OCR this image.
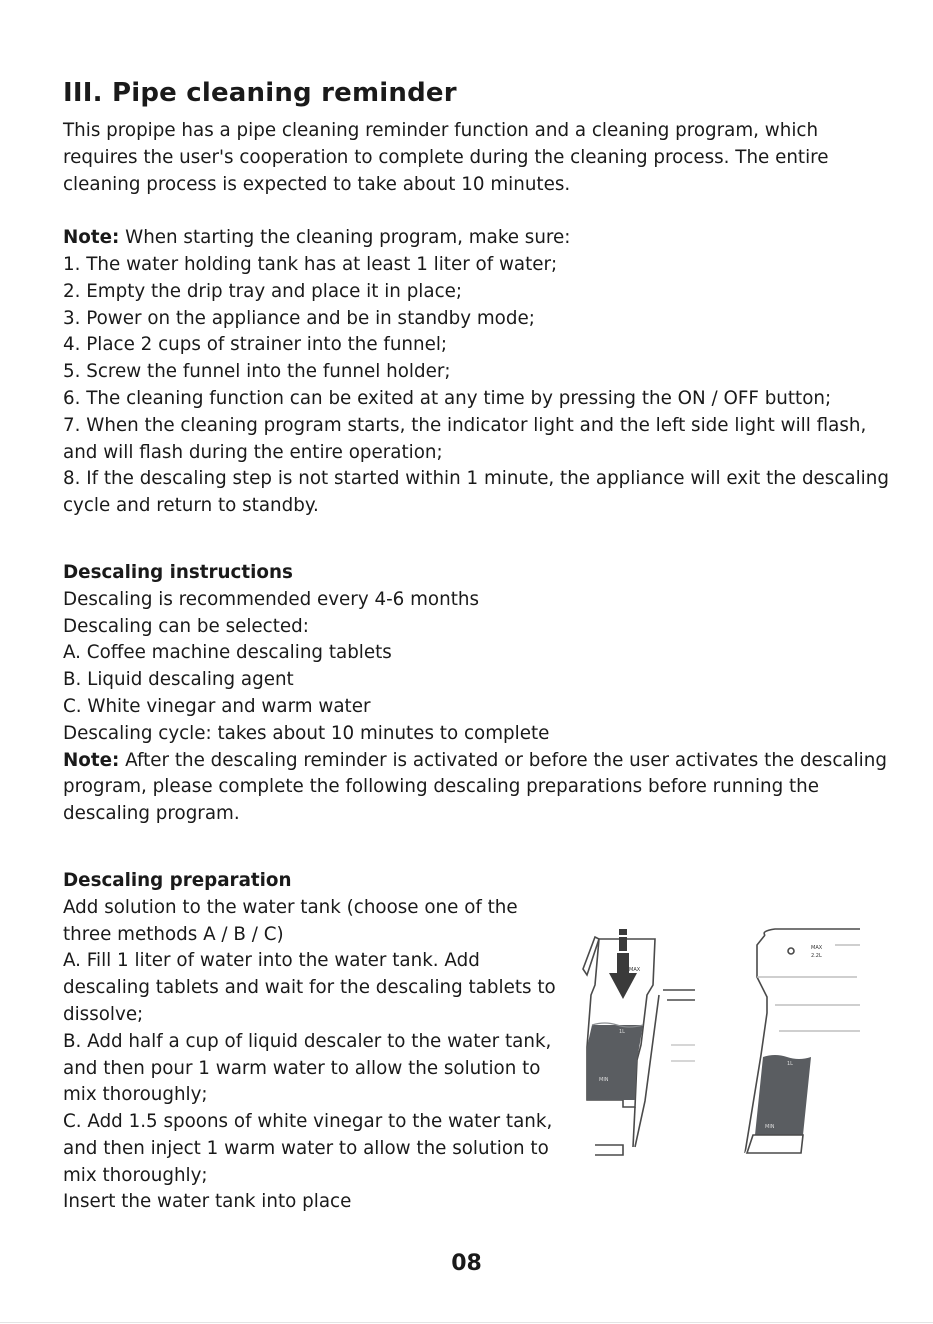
III. Pipe cleaning reminder
This propipe has a pipe cleaning reminder function and a cleaning program, which
requires the user's cooperation to complete during the cleaning process. The entire
cleaning process is expected to take about 10 minutes.
Note: When starting the cleaning program, make sure:
1. The water holding tank has at least 1 liter of water;
2. Empty the drip tray and place it in place;
3. Power on the appliance and be in standby mode;
4. Place 2 cups of strainer into the funnel;
5. Screw the funnel into the funnel holder;
6. The cleaning function can be exited at any time by pressing the ON / OFF button;
7. When the cleaning program starts, the indicator light and the left side light will flash,
and will flash during the entire operation;
8. If the descaling step is not started within 1 minute, the appliance will exit the descaling
cycle and return to standby.
Descaling instructions
Descaling is recommended every 4-6 months
Descaling can be selected:
A. Coffee machine descaling tablets
B. Liquid descaling agent
C. White vinegar and warm water
Descaling cycle: takes about 10 minutes to complete
Note: After the descaling reminder is activated or before the user activates the descaling
program, please complete the following descaling preparations before running the
descaling program.
Descaling preparation
Add solution to the water tank (choose one of the
three methods A / B / C)
A. Fill 1 liter of water into the water tank. Add
descaling tablets and wait for the descaling tablets to
dissolve;
B. Add half a cup of liquid descaler to the water tank,
and then pour 1 warm water to allow the solution to
mix thoroughly;
C. Add 1.5 spoons of white vinegar to the water tank,
and then inject 1 warm water to allow the solution to
mix thoroughly;
Insert the water tank into place
MAX
1L
MIN
MAX
2.2L
1L
MIN
08
